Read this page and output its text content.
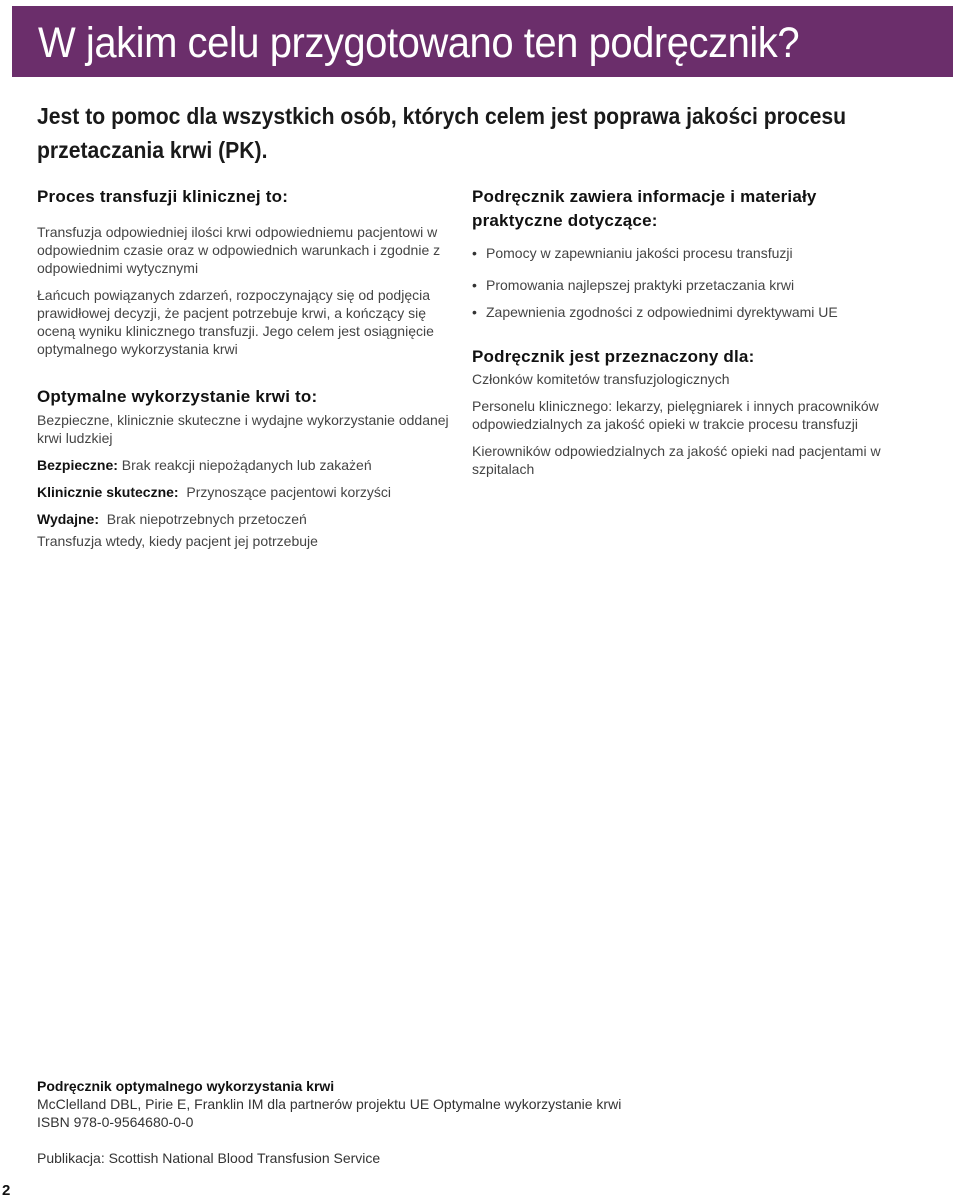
W jakim celu przygotowano ten podręcznik?
Jest to pomoc dla wszystkich osób, których celem jest poprawa jakości procesu przetaczania krwi (PK).
Proces transfuzji klinicznej to:

Transfuzja odpowiedniej ilości krwi odpowiedniemu pacjentowi w odpowiednim czasie oraz w odpowiednich warunkach i zgodnie z odpowiednimi wytycznymi

Łańcuch powiązanych zdarzeń, rozpoczynający się od podjęcia prawidłowej decyzji, że pacjent potrzebuje krwi, a kończący się oceną wyniku klinicznego transfuzji. Jego celem jest osiągnięcie optymalnego wykorzystania krwi

Optymalne wykorzystanie krwi to:

Bezpieczne, klinicznie skuteczne i wydajne wykorzystanie oddanej krwi ludzkiej

Bezpieczne: Brak reakcji niepożądanych lub zakażeń

Klinicznie skuteczne:  Przynoszące pacjentowi korzyści

Wydajne:  Brak niepotrzebnych przetoczeń

Transfuzja wtedy, kiedy pacjent jej potrzebuje

Podręcznik zawiera informacje i materiały praktyczne dotyczące:
• Pomocy w zapewnianiu jakości procesu transfuzji
• Promowania najlepszej praktyki przetaczania krwi
• Zapewnienia zgodności z odpowiednimi dyrektywami UE
Podręcznik jest przeznaczony dla:

Członków komitetów transfuzjologicznych

Personelu klinicznego: lekarzy, pielęgniarek i innych pracowników odpowiedzialnych za jakość opieki w trakcie procesu transfuzji

Kierowników odpowiedzialnych za jakość opieki nad pacjentami w szpitalach

Podręcznik optymalnego wykorzystania krwi
McClelland DBL, Pirie E, Franklin IM dla partnerów projektu UE Optymalne wykorzystanie krwi
ISBN 978-0-9564680-0-0
Publikacja: Scottish National Blood Transfusion Service
2
